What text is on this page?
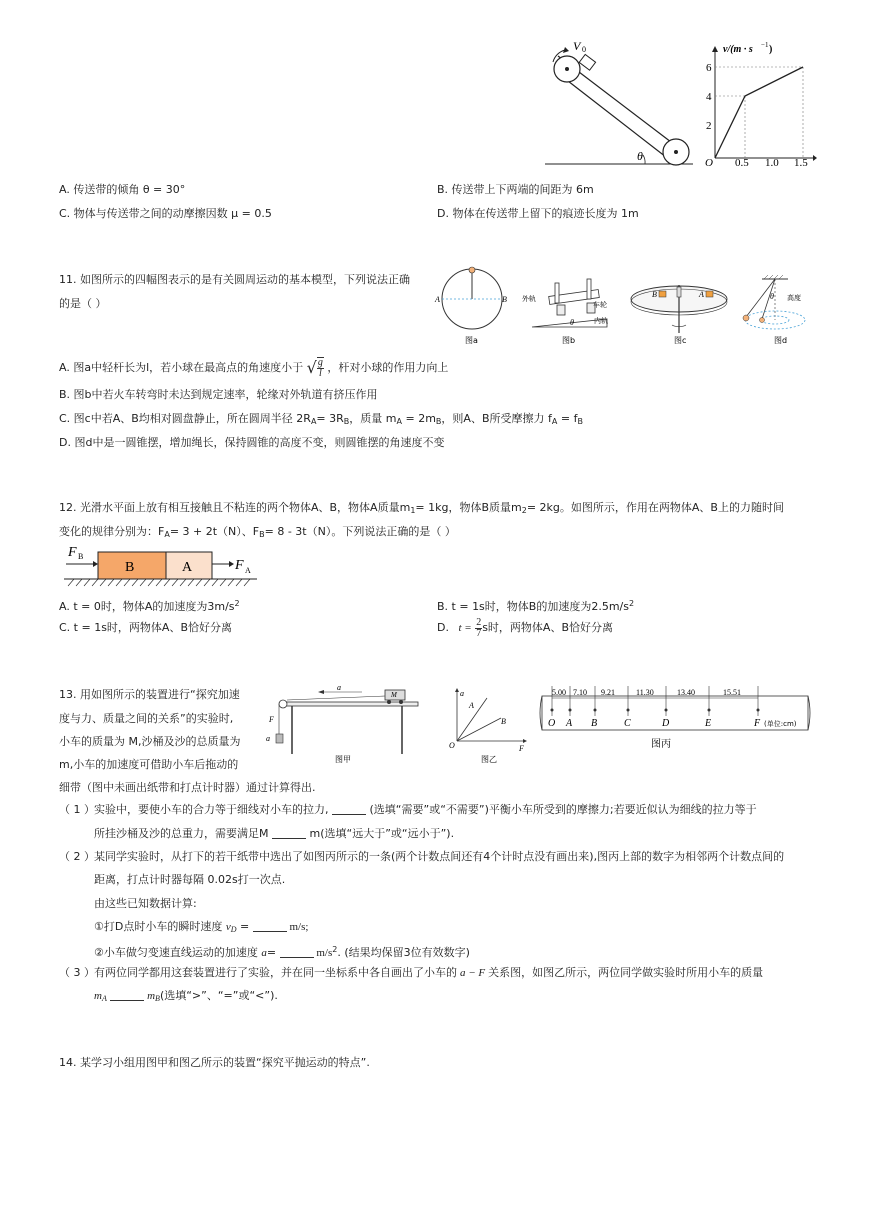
V 0
θ
v/(m · s −1 )
O
6
4
2
0.5 1.0 1.5
A. 传送带的倾角 θ = 30°	B. 传送带上下两端的间距为 6m
C. 物体与传送带之间的动摩擦因数 μ = 0.5	D. 物体在传送带上留下的痕迹长度为 1m
11. 如图所示的四幅图表示的是有关圆周运动的基本模型，下列说法正确
的是（ ）	A	B
图a
外轨
车轮
内轨
θ
图b
B	A
图c
θ 高度
图d
A. 图a中轻杆长为l，若小球在最高点的角速度小于 √ $\frac{g}{l}$ ，杆对小球的作用力向上
B. 图b中若火车转弯时未达到规定速率，轮缘对外轨道有挤压作用
C. 图c中若A、B均相对圆盘静止，所在圆周半径 $2R_A= 3R_B$，质量 $m_A = 2m_B$，则A、B所受摩擦力 $f_A = f_B$
D. 图d中是一圆锥摆，增加绳长，保持圆锥的高度不变，则圆锥摆的角速度不变
12. 光滑水平面上放有相互接触且不粘连的两个物体A、B，物体A质量$m_1= 1kg$，物体B质量$m_2= 2kg$。如图所示，作用在两物体A、B上的力随时间
变化的规律分别为：$F_A= 3 + 2t(N)$、$F_B= 8 - 3t(N)$。下列说法正确的是（ ）
B	A
F B
F A
A. t = 0时，物体A的加速度为$3m/s^2$	B. t = 1s时，物体B的加速度为$2.5m/s^2$
C. t = 1s时，两物体A、B恰好分离	D. $t = \frac{2}{7}$ s时，两物体A、B恰好分离
13. 用如图所示的装置进行“探究加速
度与力、质量之间的关系”的实验时,
小车的质量为 M,沙桶及沙的总质量为
m,小车的加速度可借助小车后拖动的
细带（图中未画出纸带和打点计时器）通过计算得出.
a
M
F
a
图甲
a
A
B
O	F
图乙
5.00 7.10 9.21	11.30	13.40	15.51
O A B	C	D	E	F (单位:cm)
图丙
（ 1 ） 实验中，要使小车的合力等于细线对小车的拉力,	(选填“需要”或“不需要”)平衡小车所受到的摩擦力;若要近似认为细线的拉力等于
所挂沙桶及沙的总重力，需要满足M	m(选填“远大于”或“远小于”).
（ 2 ） 某同学实验时，从打下的若干纸带中选出了如图丙所示的一条(两个计数点间还有4个计时点没有画出来),图丙上部的数字为相邻两个计数点间的
距离，打点计时器每隔 0.02s打一次点.
由这些已知数据计算:
①打D点时小车的瞬时速度 $v_D$ =	m/s;
②小车做匀变速直线运动的加速度 a=	$m/s^2$. (结果均保留3位有效数字)
（ 3 ） 有两位同学都用这套装置进行了实验，并在同一坐标系中各自画出了小车的 a − F 关系图，如图乙所示，两位同学做实验时所用小车的质量
$m_A$	$m_B$(选填“>”、“=”或“<”).
14. 某学习小组用图甲和图乙所示的装置“探究平抛运动的特点”.
